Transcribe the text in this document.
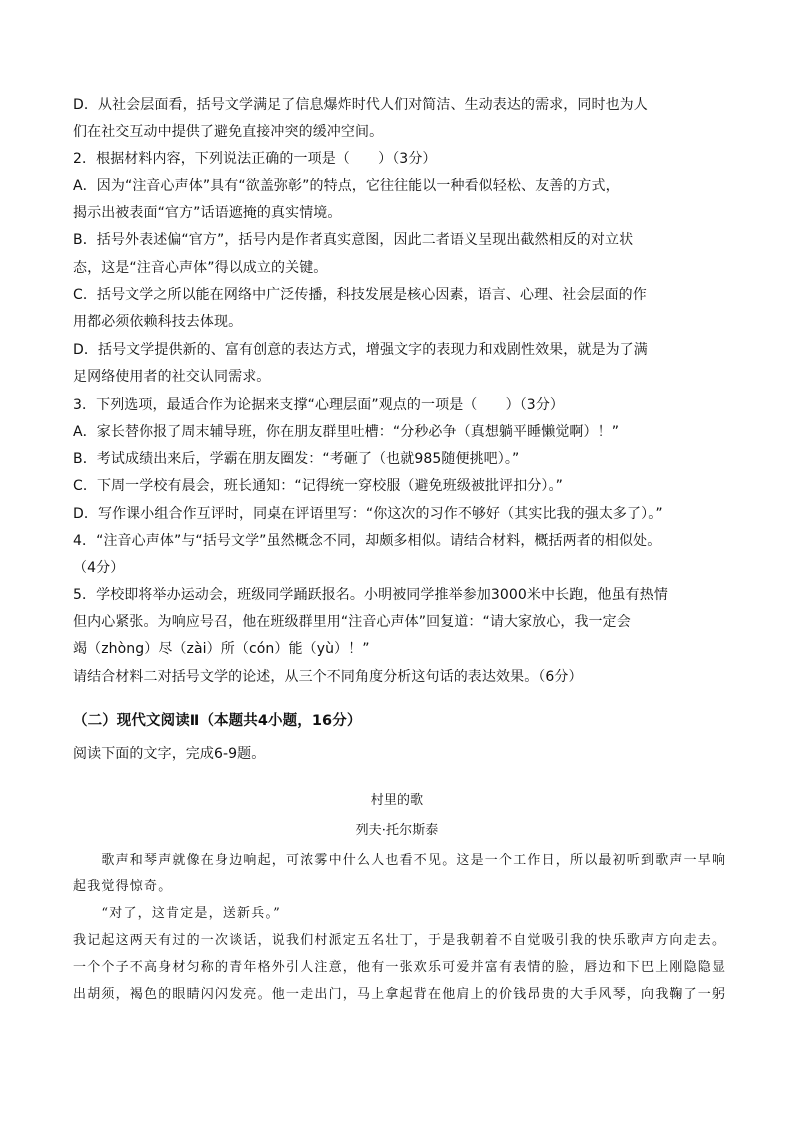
D．从社会层面看，括号文学满足了信息爆炸时代人们对简洁、生动表达的需求，同时也为人

们在社交互动中提供了避免直接冲突的缓冲空间。

2．根据材料内容，下列说法正确的一项是（　　）（3分）

A．因为“注音心声体”具有“欲盖弥彰”的特点，它往往能以一种看似轻松、友善的方式，

揭示出被表面“官方”话语遮掩的真实情境。

B．括号外表述偏“官方”，括号内是作者真实意图，因此二者语义呈现出截然相反的对立状

态，这是“注音心声体”得以成立的关键。

C．括号文学之所以能在网络中广泛传播，科技发展是核心因素，语言、心理、社会层面的作

用都必须依赖科技去体现。

D．括号文学提供新的、富有创意的表达方式，增强文字的表现力和戏剧性效果，就是为了满

足网络使用者的社交认同需求。

3．下列选项，最适合作为论据来支撑“心理层面”观点的一项是（　　）（3分）

A．家长替你报了周末辅导班，你在朋友群里吐槽：“分秒必争（真想躺平睡懒觉啊）！”

B．考试成绩出来后，学霸在朋友圈发：“考砸了（也就985随便挑吧）。”

C．下周一学校有晨会，班长通知：“记得统一穿校服（避免班级被批评扣分）。”

D．写作课小组合作互评时，同桌在评语里写：“你这次的习作不够好（其实比我的强太多了）。”

4．“注音心声体”与“括号文学”虽然概念不同，却颇多相似。请结合材料，概括两者的相似处。

（4分）

5．学校即将举办运动会，班级同学踊跃报名。小明被同学推举参加3000米中长跑，他虽有热情

但内心紧张。为响应号召，他在班级群里用“注音心声体”回复道：“请大家放心，我一定会

竭（zhòng）尽（zài）所（cón）能（yù）！”

请结合材料二对括号文学的论述，从三个不同角度分析这句话的表达效果。（6分）

（二）现代文阅读Ⅱ（本题共4小题，16分）

阅读下面的文字，完成6-9题。

村里的歌

列夫·托尔斯泰

　　歌声和琴声就像在身边响起，可浓雾中什么人也看不见。这是一个工作日，所以最初听到歌声一早响

起我觉得惊奇。

　　“对了，这肯定是，送新兵。”

我记起这两天有过的一次谈话，说我们村派定五名壮丁，于是我朝着不自觉吸引我的快乐歌声方向走去。

一个个子不高身材匀称的青年格外引人注意，他有一张欢乐可爱并富有表情的脸，唇边和下巴上刚隐隐显

出胡须，褐色的眼睛闪闪发亮。他一走出门，马上拿起背在他肩上的价钱昂贵的大手风琴，向我鞠了一躬
